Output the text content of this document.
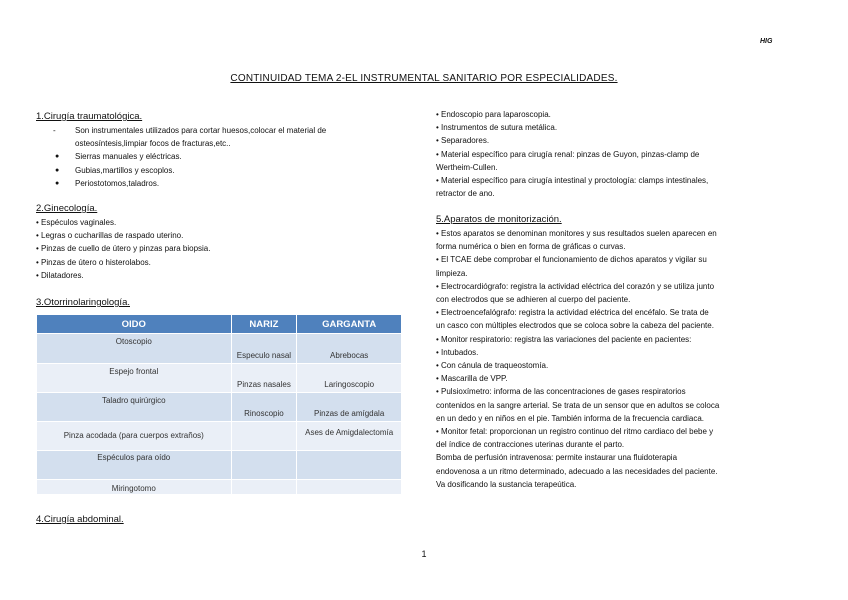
HIG
CONTINUIDAD TEMA 2-EL INSTRUMENTAL SANITARIO POR ESPECIALIDADES.
1.Cirugía traumatológica.
- Son instrumentales utilizados para cortar huesos,colocar el material de
osteosíntesis,limpiar focos de fracturas,etc..
● Sierras manuales y eléctricas.
● Gubias,martillos y escoplos.
● Periostotomos,taladros.
2.Ginecología.
• Espéculos vaginales.
• Legras o cucharillas de raspado uterino.
• Pinzas de cuello de útero y pinzas para biopsia.
• Pinzas de útero o histerolabos.
• Dilatadores.
3.Otorrinolaringología.
OIDO	NARIZ	GARGANTA
Otoscopio	Especulo nasal	Abrebocas
Espejo frontal	Pinzas nasales	Laringoscopio
Taladro quirúrgico	Rinoscopio	Pinzas de amígdala
Pinza acodada (para cuerpos extraños)		Ases de Amigdalectomía
Espéculos para oído		
Miringotomo		
4.Cirugía abdominal.
• Endoscopio para laparoscopia.
• Instrumentos de sutura metálica.
• Separadores.
• Material específico para cirugía renal: pinzas de Guyon, pinzas-clamp de
Wertheim-Cullen.
• Material específico para cirugía intestinal y proctología: clamps intestinales,
retractor de ano.
5.Aparatos de monitorización.
• Estos aparatos se denominan monitores y sus resultados suelen aparecen en
forma numérica o bien en forma de gráficas o curvas.
• El TCAE debe comprobar el funcionamiento de dichos aparatos y vigilar su
limpieza.
• Electrocardiógrafo: registra la actividad eléctrica del corazón y se utiliza junto
con electrodos que se adhieren al cuerpo del paciente.
• Electroencefalógrafo: registra la actividad eléctrica del encéfalo. Se trata de
un casco con múltiples electrodos que se coloca sobre la cabeza del paciente.
• Monitor respiratorio: registra las variaciones del paciente en pacientes:
• Intubados.
• Con cánula de traqueostomía.
• Mascarilla de VPP.
• Pulsioxímetro: informa de las concentraciones de gases respiratorios
contenidos en la sangre arterial. Se trata de un sensor que en adultos se coloca
en un dedo y en niños en el pie. También informa de la frecuencia cardiaca.
• Monitor fetal: proporcionan un registro continuo del ritmo cardiaco del bebe y
del índice de contracciones uterinas durante el parto.
Bomba de perfusión intravenosa: permite instaurar una fluidoterapia
endovenosa a un ritmo determinado, adecuado a las necesidades del paciente.
Va dosificando la sustancia terapeútica.
1
